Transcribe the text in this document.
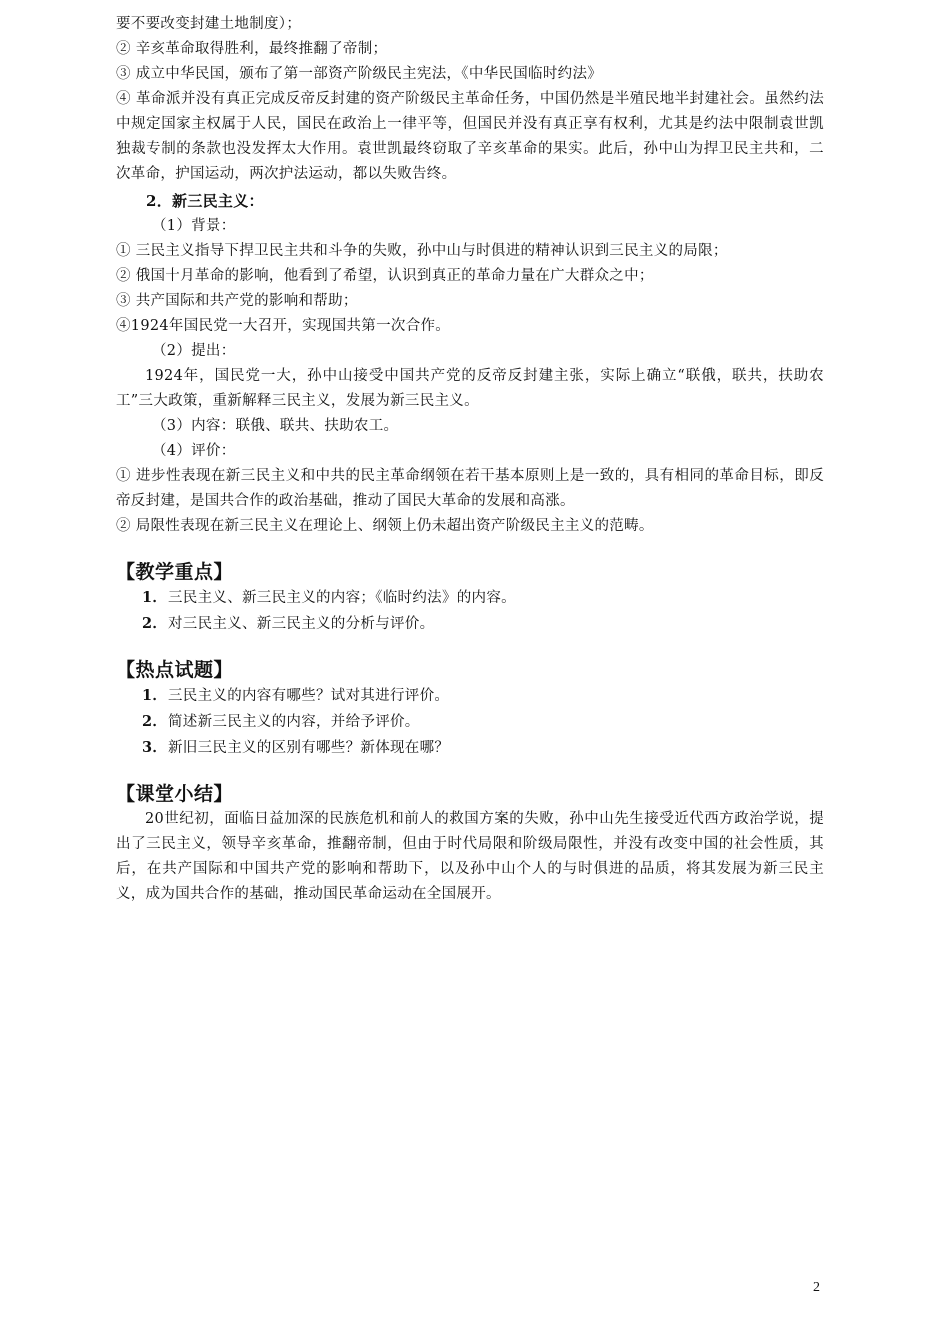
要不要改变封建土地制度）；
② 辛亥革命取得胜利，最终推翻了帝制；
③ 成立中华民国，颁布了第一部资产阶级民主宪法，《中华民国临时约法》
④ 革命派并没有真正完成反帝反封建的资产阶级民主革命任务，中国仍然是半殖民地半封建社会。虽然约法中规定国家主权属于人民，国民在政治上一律平等，但国民并没有真正享有权利，尤其是约法中限制袁世凯独裁专制的条款也没发挥太大作用。袁世凯最终窃取了辛亥革命的果实。此后，孙中山为捍卫民主共和，二次革命，护国运动，两次护法运动，都以失败告终。
2．新三民主义：
（1）背景：
① 三民主义指导下捍卫民主共和斗争的失败，孙中山与时俱进的精神认识到三民主义的局限；
② 俄国十月革命的影响，他看到了希望，认识到真正的革命力量在广大群众之中；
③ 共产国际和共产党的影响和帮助；
④1924年国民党一大召开，实现国共第一次合作。
（2）提出：
1924年，国民党一大，孙中山接受中国共产党的反帝反封建主张，实际上确立“联俄，联共，扶助农工”三大政策，重新解释三民主义，发展为新三民主义。
（3）内容：联俄、联共、扶助农工。
（4）评价：
① 进步性表现在新三民主义和中共的民主革命纲领在若干基本原则上是一致的，具有相同的革命目标，即反帝反封建，是国共合作的政治基础，推动了国民大革命的发展和高涨。
② 局限性表现在新三民主义在理论上、纲领上仍未超出资产阶级民主主义的范畴。
【教学重点】
1．三民主义、新三民主义的内容；《临时约法》的内容。
2．对三民主义、新三民主义的分析与评价。
【热点试题】
1．三民主义的内容有哪些？试对其进行评价。
2．简述新三民主义的内容，并给予评价。
3．新旧三民主义的区别有哪些？新体现在哪？
【课堂小结】
20世纪初，面临日益加深的民族危机和前人的救国方案的失败，孙中山先生接受近代西方政治学说，提出了三民主义，领导辛亥革命，推翻帝制，但由于时代局限和阶级局限性，并没有改变中国的社会性质，其后，在共产国际和中国共产党的影响和帮助下，以及孙中山个人的与时俱进的品质，将其发展为新三民主义，成为国共合作的基础，推动国民革命运动在全国展开。
2
